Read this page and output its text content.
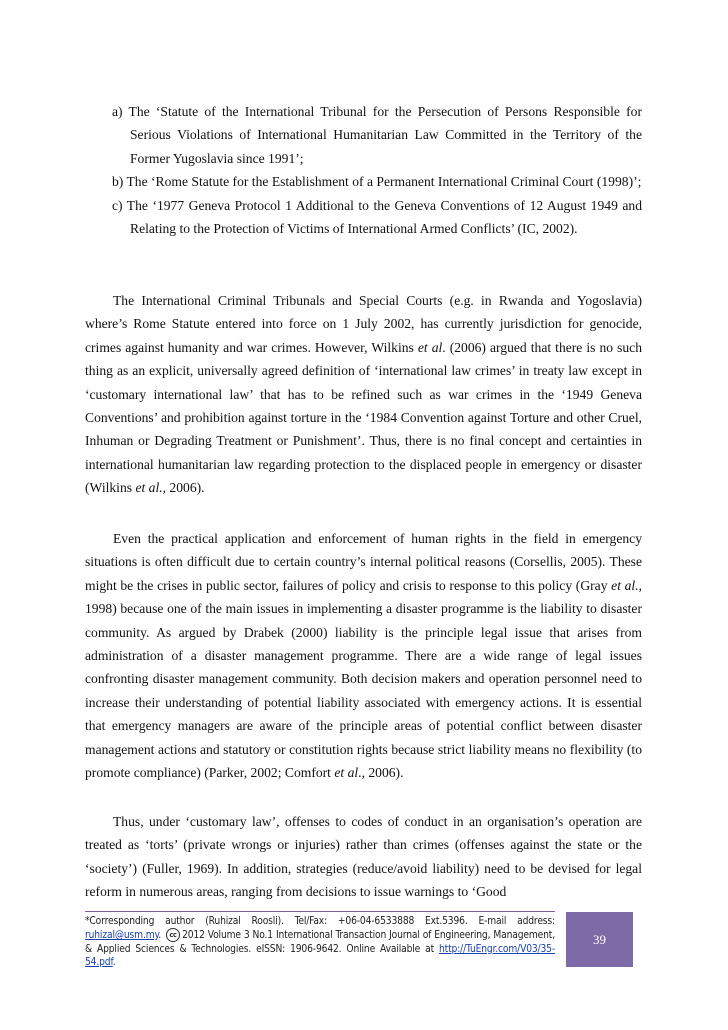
a) The ‘Statute of the International Tribunal for the Persecution of Persons Responsible for Serious Violations of International Humanitarian Law Committed in the Territory of the Former Yugoslavia since 1991’;

b) The ‘Rome Statute for the Establishment of a Permanent International Criminal Court (1998)’;

c) The ‘1977 Geneva Protocol 1 Additional to the Geneva Conventions of 12 August 1949 and Relating to the Protection of Victims of International Armed Conflicts’ (IC, 2002).

The International Criminal Tribunals and Special Courts (e.g. in Rwanda and Yogoslavia) where’s Rome Statute entered into force on 1 July 2002, has currently jurisdiction for genocide, crimes against humanity and war crimes. However, Wilkins et al. (2006) argued that there is no such thing as an explicit, universally agreed definition of ‘international law crimes’ in treaty law except in ‘customary international law’ that has to be refined such as war crimes in the ‘1949 Geneva Conventions’ and prohibition against torture in the ‘1984 Convention against Torture and other Cruel, Inhuman or Degrading Treatment or Punishment’. Thus, there is no final concept and certainties in international humanitarian law regarding protection to the displaced people in emergency or disaster (Wilkins et al., 2006).

Even the practical application and enforcement of human rights in the field in emergency situations is often difficult due to certain country’s internal political reasons (Corsellis, 2005). These might be the crises in public sector, failures of policy and crisis to response to this policy (Gray et al., 1998) because one of the main issues in implementing a disaster programme is the liability to disaster community. As argued by Drabek (2000) liability is the principle legal issue that arises from administration of a disaster management programme. There are a wide range of legal issues confronting disaster management community. Both decision makers and operation personnel need to increase their understanding of potential liability associated with emergency actions. It is essential that emergency managers are aware of the principle areas of potential conflict between disaster management actions and statutory or constitution rights because strict liability means no flexibility (to promote compliance) (Parker, 2002; Comfort et al., 2006).

Thus, under ‘customary law’, offenses to codes of conduct in an organisation’s operation are treated as ‘torts’ (private wrongs or injuries) rather than crimes (offenses against the state or the ‘society’) (Fuller, 1969). In addition, strategies (reduce/avoid liability) need to be devised for legal reform in numerous areas, ranging from decisions to issue warnings to ‘Good

*Corresponding author (Ruhizal Roosli). Tel/Fax: +06-04-6533888 Ext.5396. E-mail address: ruhizal@usm.my. cc 2012 Volume 3 No.1 International Transaction Journal of Engineering, Management, & Applied Sciences & Technologies. eISSN: 1906-9642. Online Available at http://TuEngr.com/V03/35-54.pdf.
39
